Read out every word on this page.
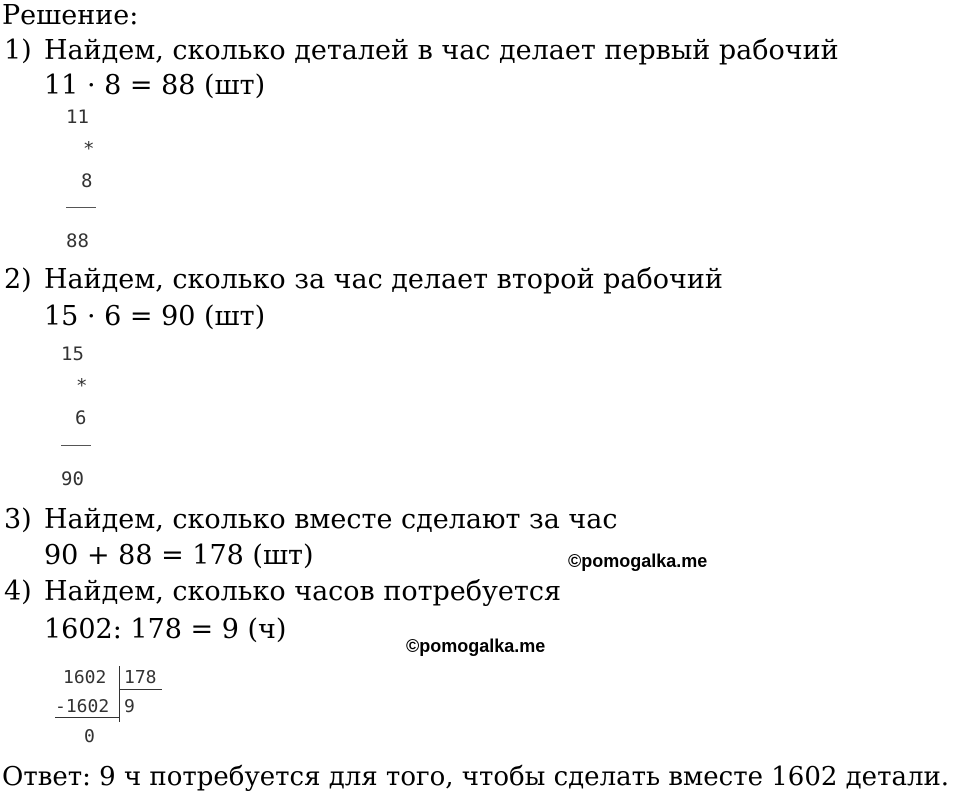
Решение:
1) Найдем, сколько деталей в час делает первый рабочий
11 · 8 = 88 (шт)
11
*
8
88
2) Найдем, сколько за час делает второй рабочий
15 · 6 = 90 (шт)
15
*
6
90
3) Найдем, сколько вместе сделают за час
90 + 88 = 178 (шт)	©pomogalka.me
4) Найдем, сколько часов потребуется
1602: 178 = 9 (ч)
©pomogalka.me
1602 178
-1602 9
0
Ответ: 9 ч потребуется для того, чтобы сделать вместе 1602 детали.
